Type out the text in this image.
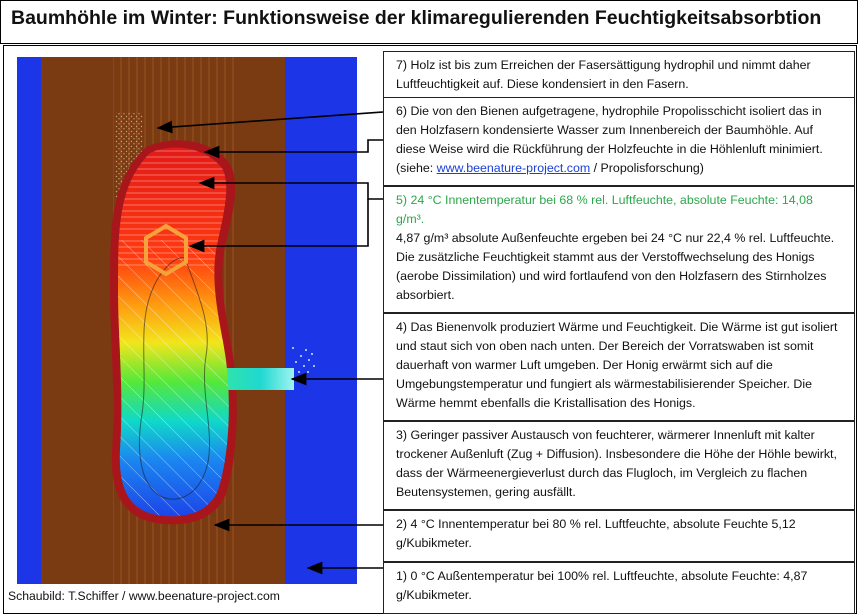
Baumhöhle im Winter: Funktionsweise der klimaregulierenden Feuchtigkeitsabsorbtion

7) Holz ist bis zum Erreichen der Fasersättigung hydrophil und nimmt daher Luftfeuchtigkeit auf. Diese kondensiert in den Fasern.

6) Die von den Bienen aufgetragene, hydrophile Propolisschicht isoliert das in den Holzfasern kondensierte Wasser zum Innenbereich der Baumhöhle. Auf diese Weise wird die Rückführung der Holzfeuchte in die Höhlenluft minimiert. (siehe: www.beenature-project.com / Propolisforschung)

5) 24 °C Innentemperatur bei 68 % rel. Luftfeuchte, absolute Feuchte: 14,08 g/m³.

4,87 g/m³ absolute Außenfeuchte ergeben bei 24 °C nur 22,4 % rel. Luftfeuchte. Die zusätzliche Feuchtigkeit stammt aus der Verstoffwechselung des Honigs (aerobe Dissimilation) und wird fortlaufend von den Holzfasern des Stirnholzes absorbiert.

4) Das Bienenvolk produziert Wärme und Feuchtigkeit. Die Wärme ist gut isoliert und staut sich von oben nach unten. Der Bereich der Vorratswaben ist somit dauerhaft von warmer Luft umgeben. Der Honig erwärmt sich auf die Umgebungstemperatur und fungiert als wärmestabilisierender Speicher. Die Wärme hemmt ebenfalls die Kristallisation des Honigs.

3) Geringer passiver Austausch von feuchterer, wärmerer Innenluft mit kalter trockener Außenluft (Zug + Diffusion). Insbesondere die Höhe der Höhle bewirkt, dass der Wärmeenergieverlust durch das Flugloch, im Vergleich zu flachen Beutensystemen, gering ausfällt.

2) 4 °C Innentemperatur bei 80 % rel. Luftfeuchte, absolute Feuchte 5,12 g/Kubikmeter.

1) 0 °C Außentemperatur bei 100% rel. Luftfeuchte, absolute Feuchte: 4,87 g/Kubikmeter.

Schaubild: T.Schiffer / www.beenature-project.com
